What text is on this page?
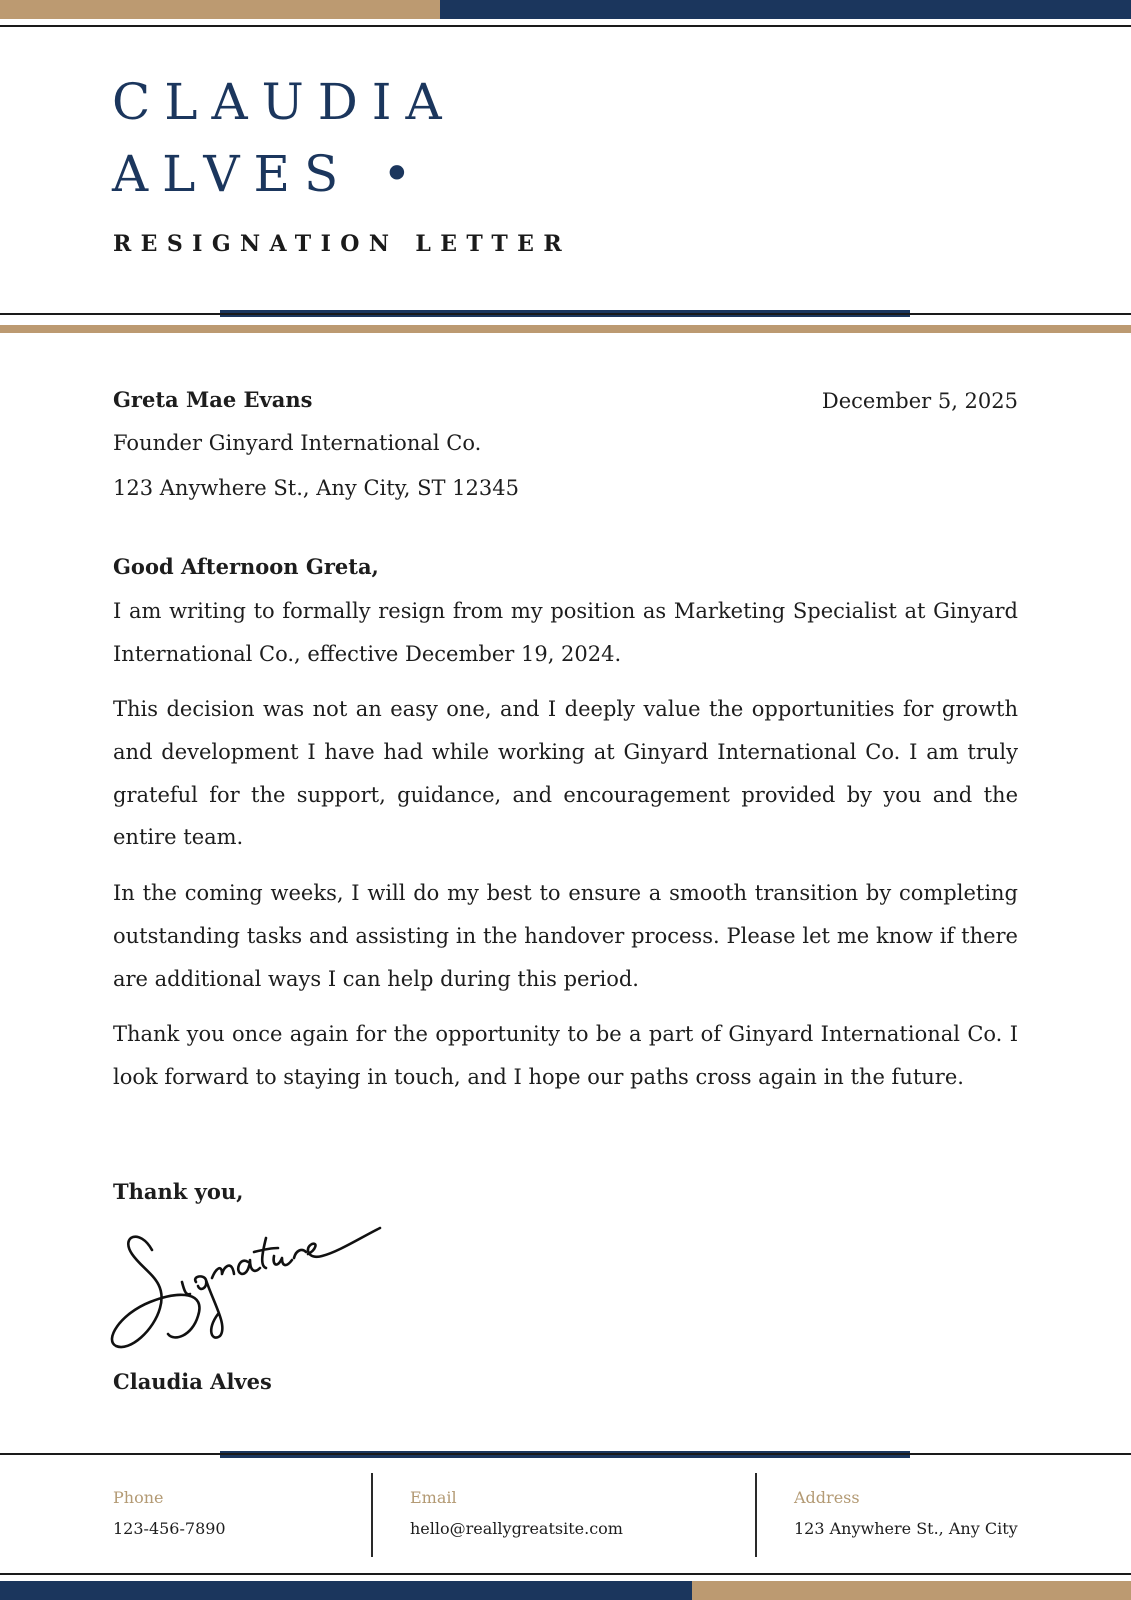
CLAUDIA
ALVES •
RESIGNATION LETTER
Greta Mae Evans	December 5, 2025
Founder Ginyard International Co.
123 Anywhere St., Any City, ST 12345
Good Afternoon Greta,

I am writing to formally resign from my position as Marketing Specialist at Ginyard International Co., effective December 19, 2024.

This decision was not an easy one, and I deeply value the opportunities for growth and development I have had while working at Ginyard International Co. I am truly grateful for the support, guidance, and encouragement provided by you and the entire team.

In the coming weeks, I will do my best to ensure a smooth transition by completing outstanding tasks and assisting in the handover process. Please let me know if there are additional ways I can help during this period.

Thank you once again for the opportunity to be a part of Ginyard International Co. I look forward to staying in touch, and I hope our paths cross again in the future.

Thank you,
Claudia Alves
Phone
123-456-7890
Email
hello@reallygreatsite.com
Address
123 Anywhere St., Any City
